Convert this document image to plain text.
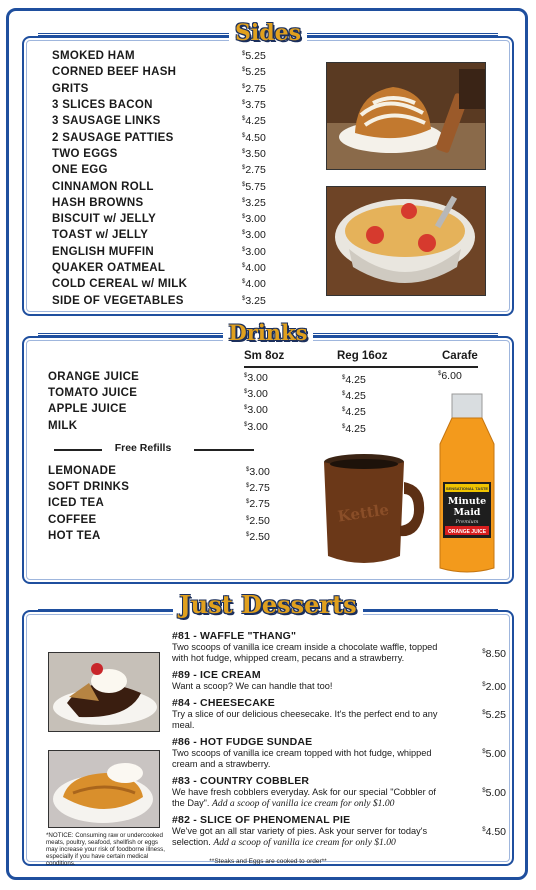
Sides
SMOKED HAM	$5.25
CORNED BEEF HASH	$5.25
GRITS	$2.75
3 SLICES BACON	$3.75
3 SAUSAGE LINKS	$4.25
2 SAUSAGE PATTIES	$4.50
TWO EGGS	$3.50
ONE EGG	$2.75
CINNAMON ROLL	$5.75
HASH BROWNS	$3.25
BISCUIT w/ JELLY	$3.00
TOAST w/ JELLY	$3.00
ENGLISH MUFFIN	$3.00
QUAKER OATMEAL	$4.00
COLD CEREAL w/ MILK	$4.00
SIDE OF VEGETABLES	$3.25
Drinks
Sm 8oz	Reg 16oz	Carafe
ORANGE JUICE	$3.00	$4.25	$6.00
TOMATO JUICE	$3.00	$4.25
APPLE JUICE	$3.00	$4.25
MILK	$3.00	$4.25
Free Refills
LEMONADE	$3.00
SOFT DRINKS	$2.75
ICED TEA	$2.75
COFFEE	$2.50
HOT TEA	$2.50
Kettle
SENSATIONAL TASTE
Minute
Maid
Premium
ORANGE JUICE
Just Desserts
#81 - WAFFLE "THANG"
Two scoops of vanilla ice cream inside a chocolate waffle, topped with hot fudge, whipped cream, pecans and a strawberry.
$8.50
#89 - ICE CREAM
Want a scoop? We can handle that too!	$2.00
#84 - CHEESECAKE
Try a slice of our delicious cheesecake. It's the perfect end to any meal.
$5.25
#86 - HOT FUDGE SUNDAE
Two scoops of vanilla ice cream topped with hot fudge, whipped cream and a strawberry.
$5.00
#83 - COUNTRY COBBLER
We have fresh cobblers everyday. Ask for our special "Cobbler of the Day". Add a scoop of vanilla ice cream for only $1.00
$5.00
#82 - SLICE OF PHENOMENAL PIE
We've got an all star variety of pies. Ask your server for today's selection. Add a scoop of vanilla ice cream for only $1.00
$4.50
*NOTICE: Consuming raw or undercooked meats, poultry, seafood, shellfish or eggs may increase your risk of foodborne illness, especially if you have certain medical conditions.	**Steaks and Eggs are cooked to order**
